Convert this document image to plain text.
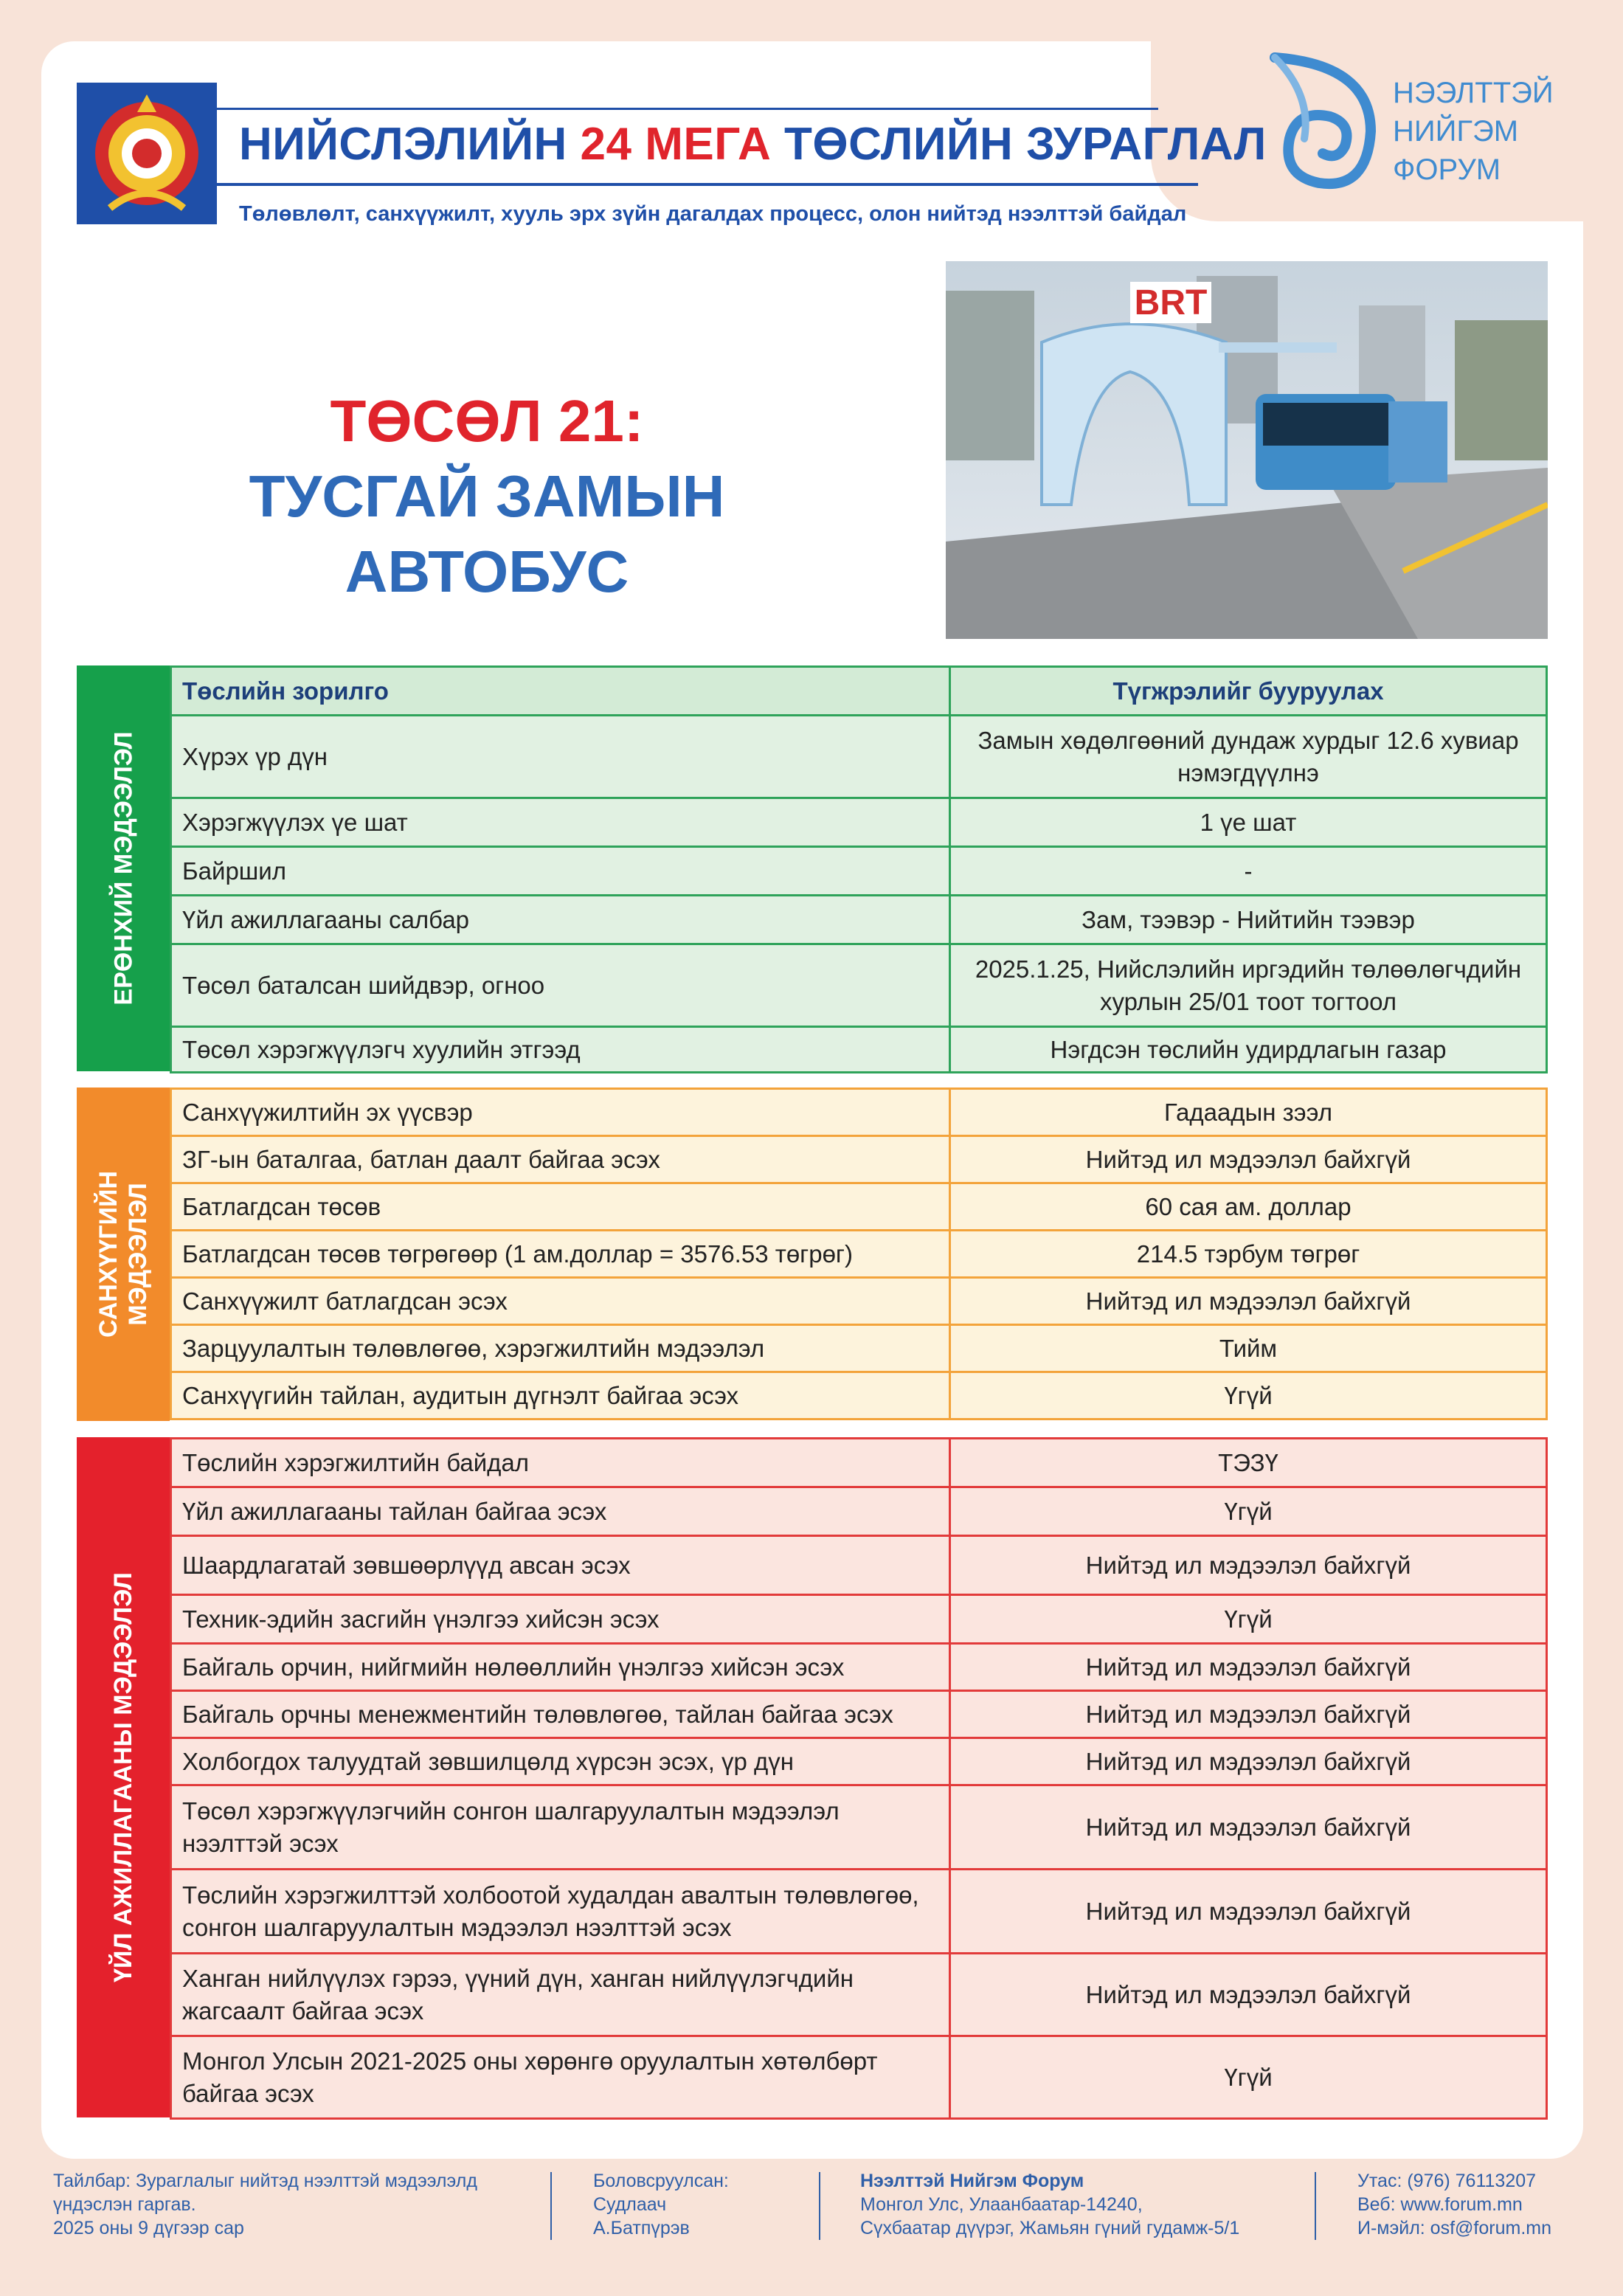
НИЙСЛЭЛИЙН 24 МЕГА ТӨСЛИЙН ЗУРАГЛАЛ
Төлөвлөлт, санхүүжилт, хууль эрх зүйн дагалдах процесс, олон нийтэд нээлттэй байдал
НЭЭЛТТЭЙ
НИЙГЭМ
ФОРУМ
ТӨСӨЛ 21:
ТУСГАЙ ЗАМЫН АВТОБУС
BRT
ЕРӨНХИЙ МЭДЭЭЛЭЛ
Төслийн зорилго	Түгжрэлийг бууруулах
Хүрэх үр дүн	Замын хөдөлгөөний дундаж хурдыг 12.6 хувиар нэмэгдүүлнэ
Хэрэгжүүлэх үе шат	1 үе шат
Байршил	-
Үйл ажиллагааны салбар	Зам, тээвэр - Нийтийн тээвэр
Төсөл баталсан шийдвэр, огноо	2025.1.25, Нийслэлийн иргэдийн төлөөлөгчдийн хурлын 25/01 тоот тогтоол
Төсөл хэрэгжүүлэгч хуулийн этгээд	Нэгдсэн төслийн удирдлагын газар
САНХҮҮГИЙН МЭДЭЭЛЭЛ
Санхүүжилтийн эх үүсвэр	Гадаадын зээл
ЗГ-ын баталгаа, батлан даалт байгаа эсэх	Нийтэд ил мэдээлэл байхгүй
Батлагдсан төсөв	60 сая ам. доллар
Батлагдсан төсөв төгрөгөөр (1 ам.доллар = 3576.53 төгрөг)	214.5 тэрбум төгрөг
Санхүүжилт батлагдсан эсэх	Нийтэд ил мэдээлэл байхгүй
Зарцуулалтын төлөвлөгөө, хэрэгжилтийн мэдээлэл	Тийм
Санхүүгийн тайлан, аудитын дүгнэлт байгаа эсэх	Үгүй
ҮЙЛ АЖИЛЛАГААНЫ МЭДЭЭЛЭЛ
Төслийн хэрэгжилтийн байдал	ТЭЗҮ
Үйл ажиллагааны тайлан байгаа эсэх	Үгүй
Шаардлагатай зөвшөөрлүүд авсан эсэх	Нийтэд ил мэдээлэл байхгүй
Техник-эдийн засгийн үнэлгээ хийсэн эсэх	Үгүй
Байгаль орчин, нийгмийн нөлөөллийн үнэлгээ хийсэн эсэх	Нийтэд ил мэдээлэл байхгүй
Байгаль орчны менежментийн төлөвлөгөө, тайлан байгаа эсэх	Нийтэд ил мэдээлэл байхгүй
Холбогдох талуудтай зөвшилцөлд хүрсэн эсэх, үр дүн	Нийтэд ил мэдээлэл байхгүй
Төсөл хэрэгжүүлэгчийн сонгон шалгаруулалтын мэдээлэл нээлттэй эсэх	Нийтэд ил мэдээлэл байхгүй
Төслийн хэрэгжилттэй холбоотой худалдан авалтын төлөвлөгөө, сонгон шалгаруулалтын мэдээлэл нээлттэй эсэх	Нийтэд ил мэдээлэл байхгүй
Ханган нийлүүлэх гэрээ, үүний дүн, ханган нийлүүлэгчдийн жагсаалт байгаа эсэх	Нийтэд ил мэдээлэл байхгүй
Монгол Улсын 2021-2025 оны хөрөнгө оруулалтын хөтөлбөрт байгаа эсэх	Үгүй
Тайлбар: Зураглалыг нийтэд нээлттэй мэдээлэлд үндэслэн гаргав.
2025 оны 9 дүгээр сар
Боловсруулсан:
Судлаач
А.Батпүрэв
Нээлттэй Нийгэм Форум
Монгол Улс, Улаанбаатар-14240,
Сүхбаатар дүүрэг, Жамьян гүний гудамж-5/1
Утас: (976) 76113207
Веб: www.forum.mn
И-мэйл: osf@forum.mn
